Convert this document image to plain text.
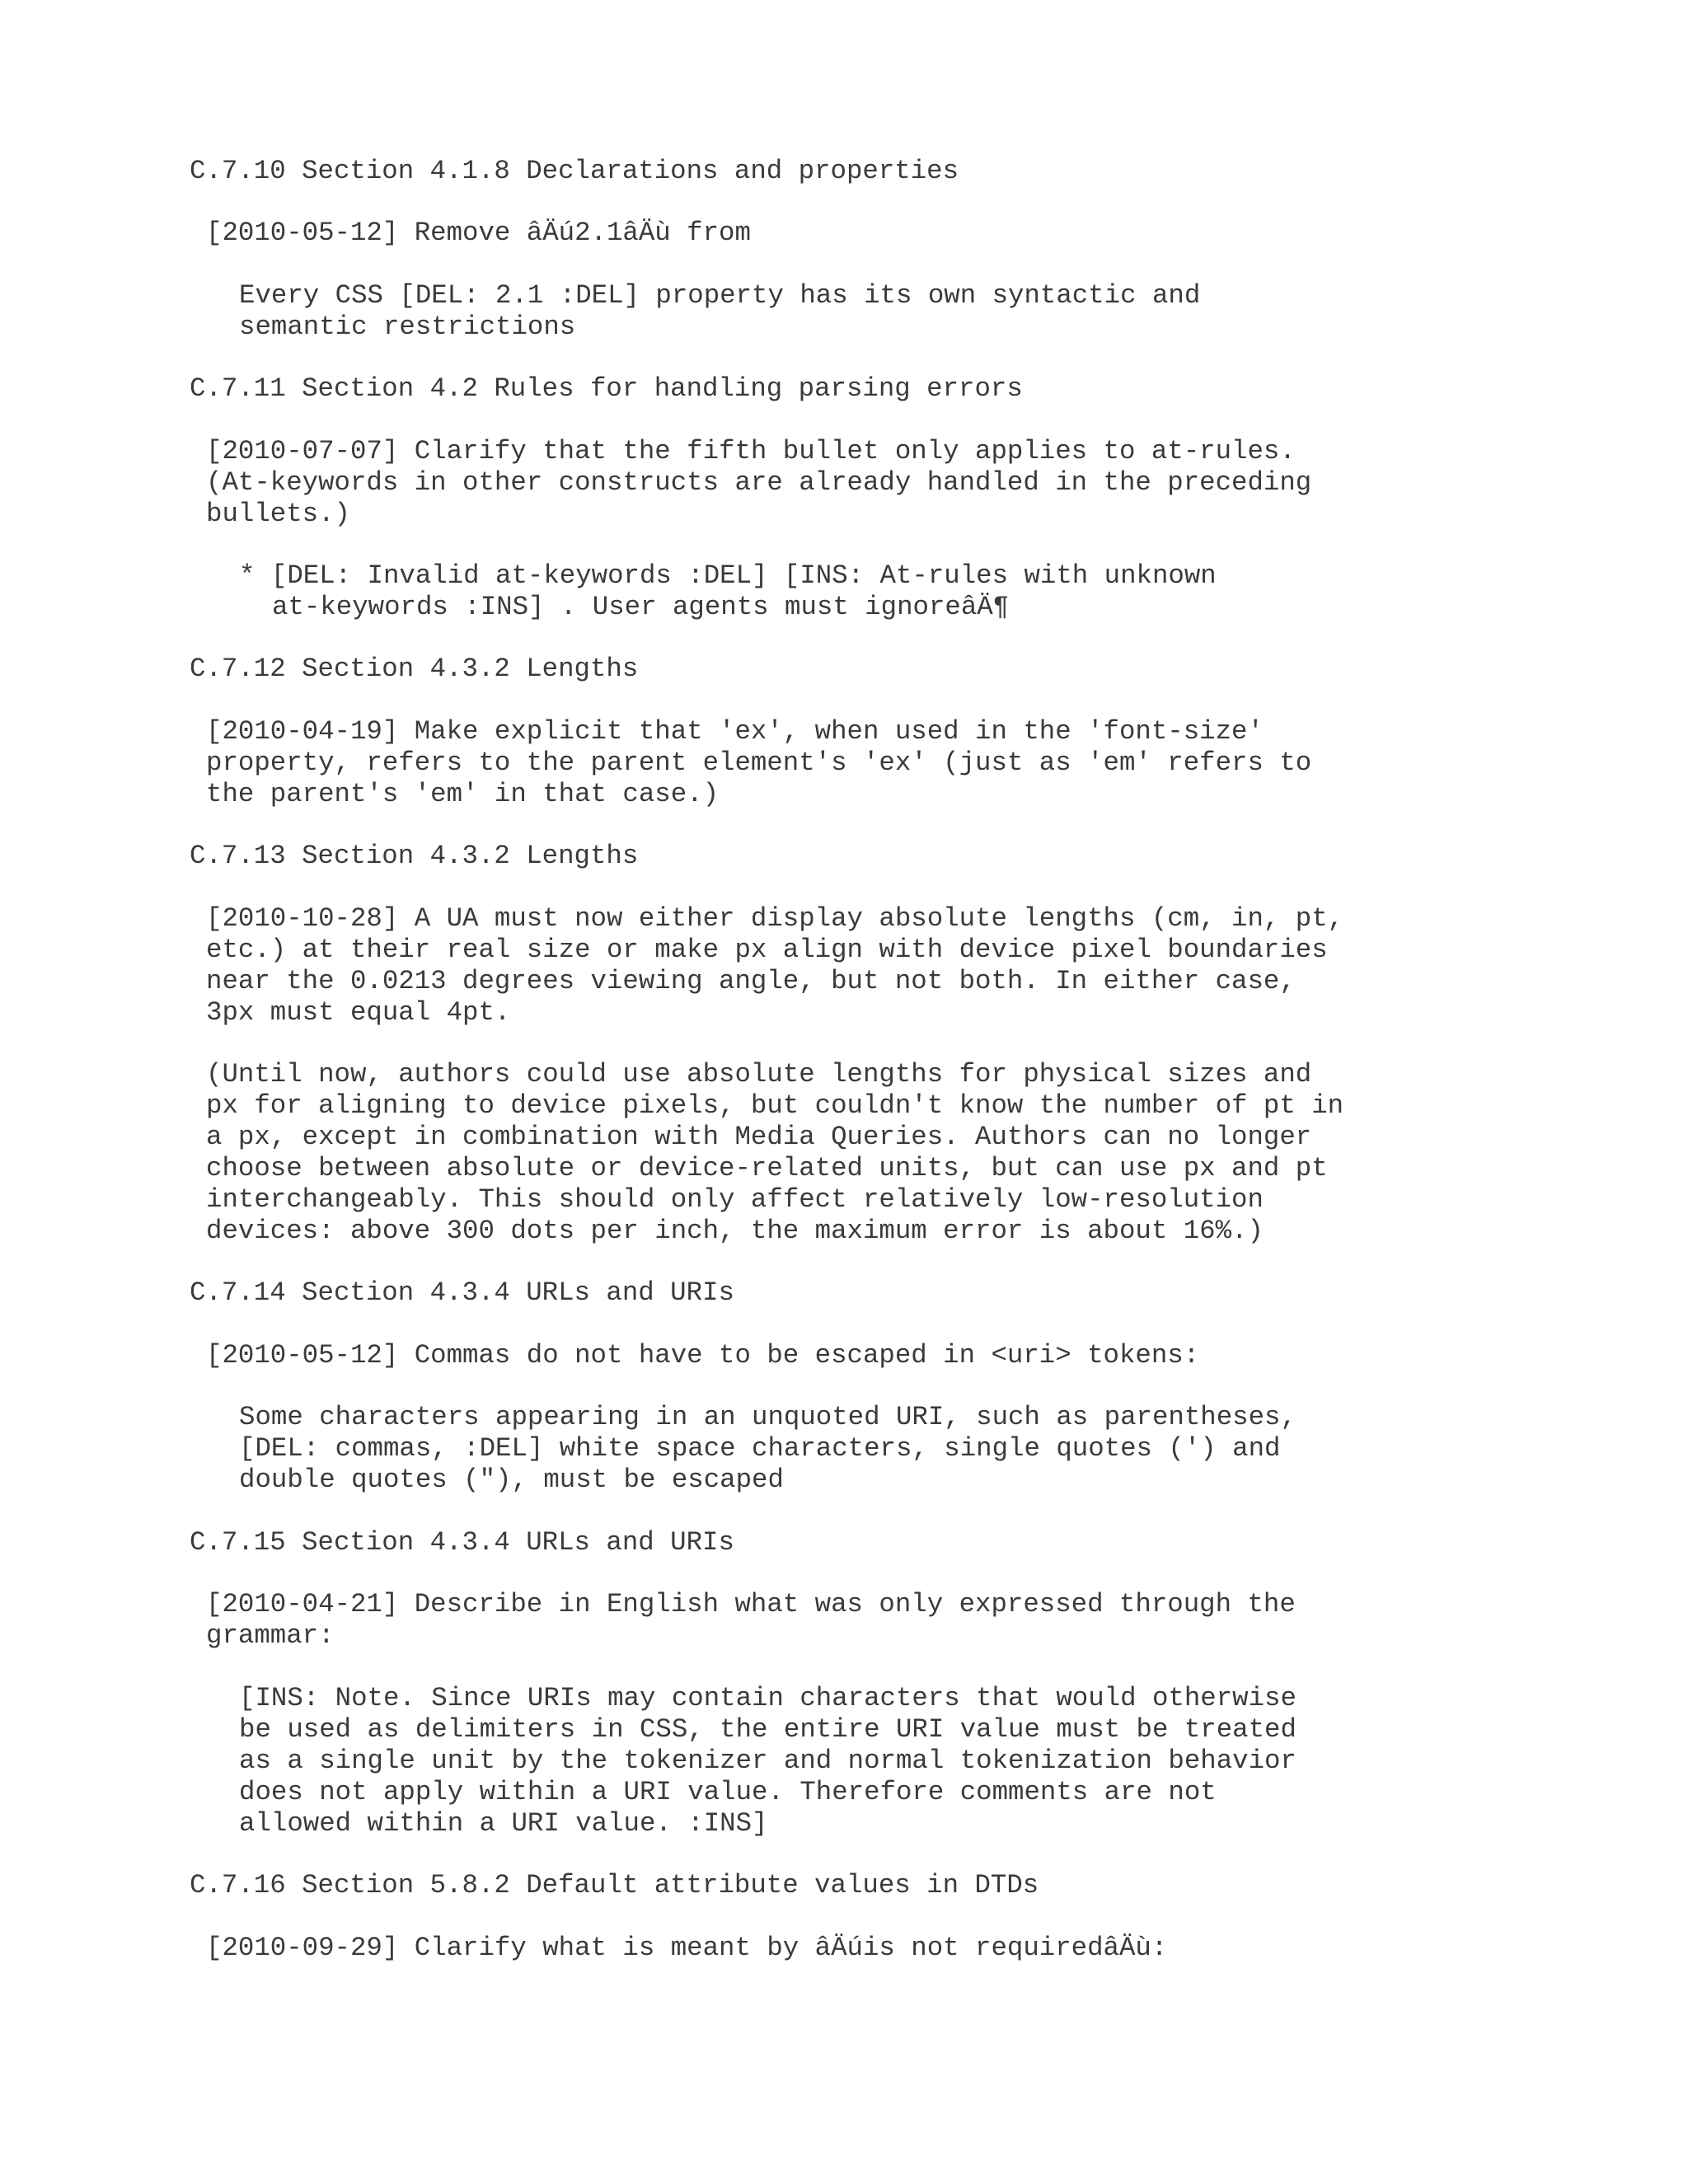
C.7.10 Section 4.1.8 Declarations and properties
[2010-05-12] Remove âÄú2.1âÄù from
Every CSS [DEL: 2.1 :DEL] property has its own syntactic and
semantic restrictions
C.7.11 Section 4.2 Rules for handling parsing errors
[2010-07-07] Clarify that the fifth bullet only applies to at-rules.
(At-keywords in other constructs are already handled in the preceding
bullets.)
* [DEL: Invalid at-keywords :DEL] [INS: At-rules with unknown
at-keywords :INS] . User agents must ignoreâÄ¶
C.7.12 Section 4.3.2 Lengths
[2010-04-19] Make explicit that 'ex', when used in the 'font-size'
property, refers to the parent element's 'ex' (just as 'em' refers to
the parent's 'em' in that case.)
C.7.13 Section 4.3.2 Lengths
[2010-10-28] A UA must now either display absolute lengths (cm, in, pt,
etc.) at their real size or make px align with device pixel boundaries
near the 0.0213 degrees viewing angle, but not both. In either case,
3px must equal 4pt.
(Until now, authors could use absolute lengths for physical sizes and
px for aligning to device pixels, but couldn't know the number of pt in
a px, except in combination with Media Queries. Authors can no longer
choose between absolute or device-related units, but can use px and pt
interchangeably. This should only affect relatively low-resolution
devices: above 300 dots per inch, the maximum error is about 16%.)
C.7.14 Section 4.3.4 URLs and URIs
[2010-05-12] Commas do not have to be escaped in <uri> tokens:
Some characters appearing in an unquoted URI, such as parentheses,
[DEL: commas, :DEL] white space characters, single quotes (') and
double quotes ("), must be escaped
C.7.15 Section 4.3.4 URLs and URIs
[2010-04-21] Describe in English what was only expressed through the
grammar:
[INS: Note. Since URIs may contain characters that would otherwise
be used as delimiters in CSS, the entire URI value must be treated
as a single unit by the tokenizer and normal tokenization behavior
does not apply within a URI value. Therefore comments are not
allowed within a URI value. :INS]
C.7.16 Section 5.8.2 Default attribute values in DTDs
[2010-09-29] Clarify what is meant by âÄúis not requiredâÄù:
